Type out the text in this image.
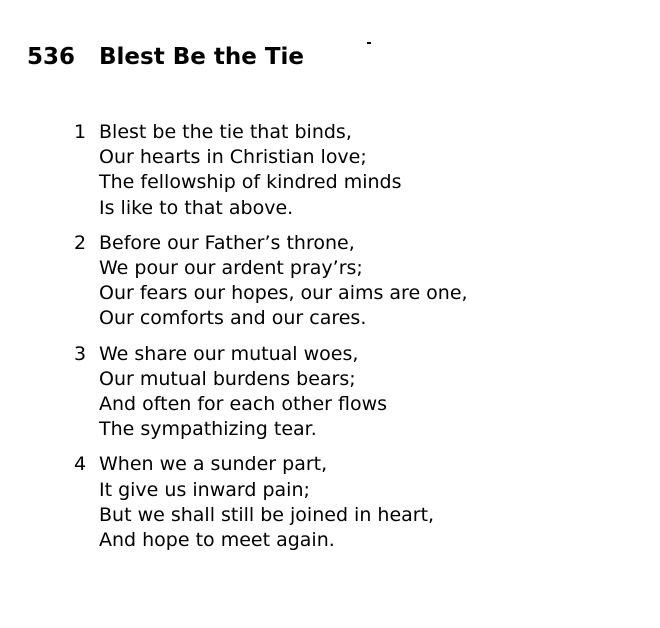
536 Blest Be the Tie
1 Blest be the tie that binds,
Our hearts in Christian love;
The fellowship of kindred minds
Is like to that above.
2 Before our Father’s throne,
We pour our ardent pray’rs;
Our fears our hopes, our aims are one,
Our comforts and our cares.
3 We share our mutual woes,
Our mutual burdens bears;
And often for each other flows
The sympathizing tear.
4 When we a sunder part,
It give us inward pain;
But we shall still be joined in heart,
And hope to meet again.
